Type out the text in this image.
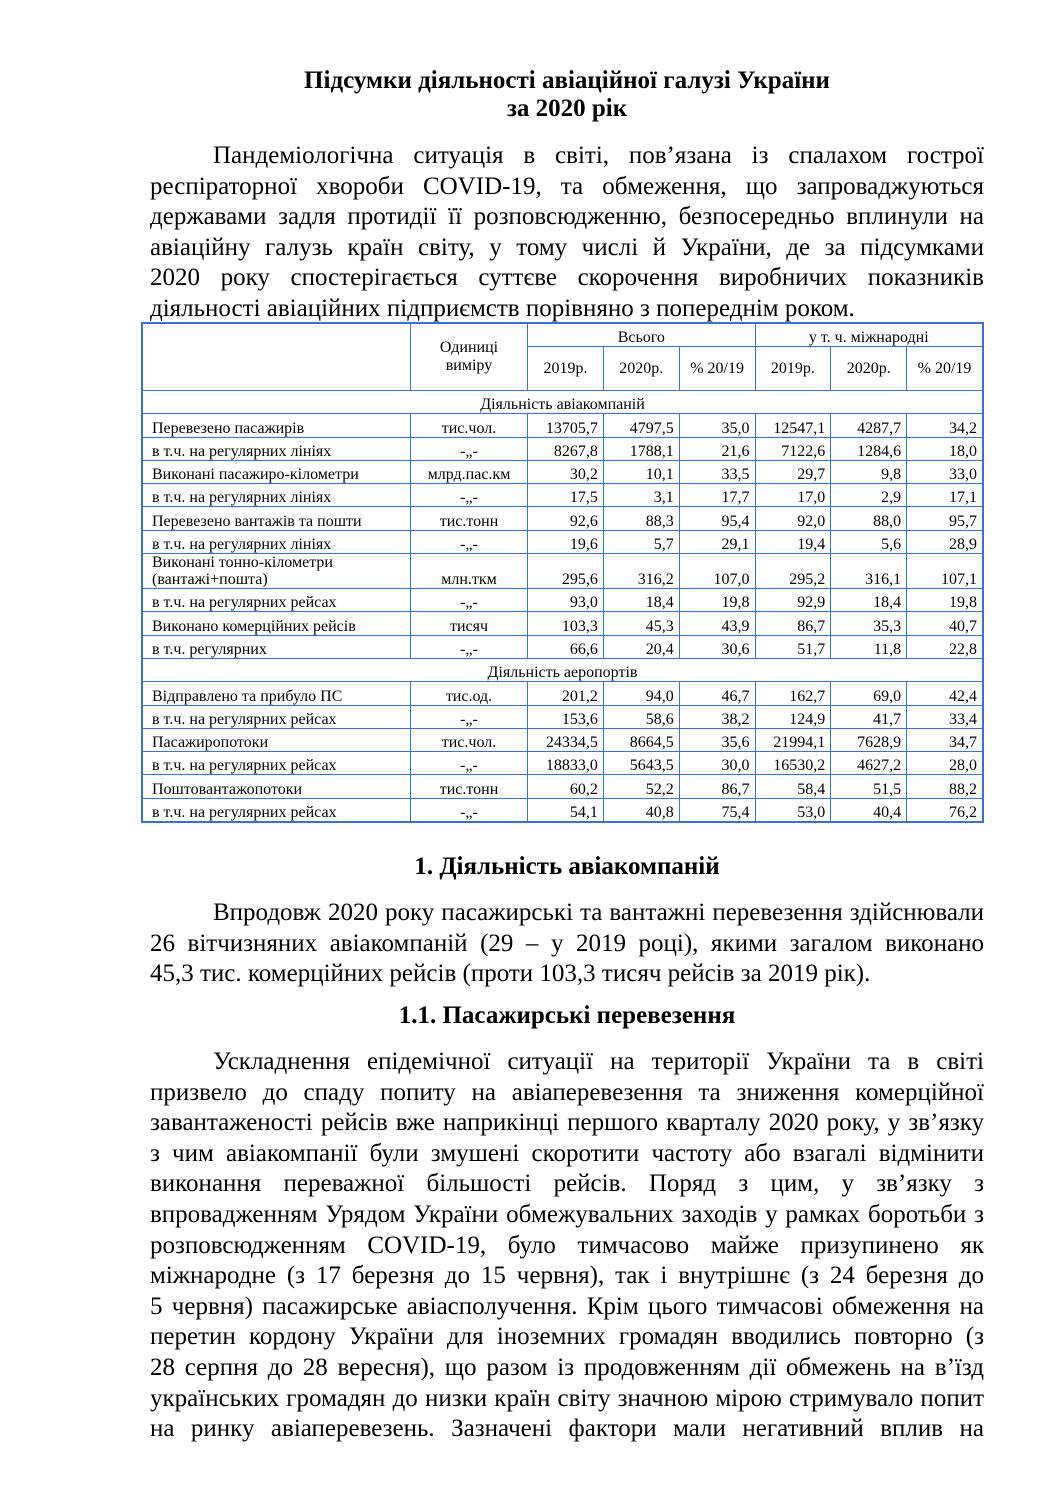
Підсумки діяльності авіаційної галузі України
за 2020 рік
Пандеміологічна ситуація в світі, пов’язана із спалахом гострої
респіраторної хвороби COVID-19, та обмеження, що запроваджуються
державами задля протидії її розповсюдженню, безпосередньо вплинули на
авіаційну галузь країн світу, у тому числі й України, де за підсумками
2020 року спостерігається суттєве скорочення виробничих показників
діяльності авіаційних підприємств порівняно з попереднім роком.
	Одиниці виміру	Всього			у т. ч. міжнародні		
		2019р.	2020р.	% 20/19	2019р.	2020р.	% 20/19
Діяльність авіакомпаній							
Перевезено пасажирів	тис.чол.	13705,7	4797,5	35,0	12547,1	4287,7	34,2
в т.ч. на регулярних лініях	-„-	8267,8	1788,1	21,6	7122,6	1284,6	18,0
Виконані пасажиро-кілометри	млрд.пас.км	30,2	10,1	33,5	29,7	9,8	33,0
в т.ч. на регулярних лініях	-„-	17,5	3,1	17,7	17,0	2,9	17,1
Перевезено вантажів та пошти	тис.тонн	92,6	88,3	95,4	92,0	88,0	95,7
в т.ч. на регулярних лініях	-„-	19,6	5,7	29,1	19,4	5,6	28,9
Виконані тонно-кілометри (вантажі+пошта)	млн.ткм	295,6	316,2	107,0	295,2	316,1	107,1
в т.ч. на регулярних рейсах	-„-	93,0	18,4	19,8	92,9	18,4	19,8
Виконано комерційних рейсів	тисяч	103,3	45,3	43,9	86,7	35,3	40,7
в т.ч. регулярних	-„-	66,6	20,4	30,6	51,7	11,8	22,8
Діяльність аеропортів							
Відправлено та прибуло ПС	тис.од.	201,2	94,0	46,7	162,7	69,0	42,4
в т.ч. на регулярних рейсах	-„-	153,6	58,6	38,2	124,9	41,7	33,4
Пасажиропотоки	тис.чол.	24334,5	8664,5	35,6	21994,1	7628,9	34,7
в т.ч. на регулярних рейсах	-„-	18833,0	5643,5	30,0	16530,2	4627,2	28,0
Поштовантажопотоки	тис.тонн	60,2	52,2	86,7	58,4	51,5	88,2
в т.ч. на регулярних рейсах	-„-	54,1	40,8	75,4	53,0	40,4	76,2
1. Діяльність авіакомпаній
Впродовж 2020 року пасажирські та вантажні перевезення здійснювали
26 вітчизняних авіакомпаній (29 – у 2019 році), якими загалом виконано
45,3 тис. комерційних рейсів (проти 103,3 тисяч рейсів за 2019 рік).
1.1. Пасажирські перевезення
Ускладнення епідемічної ситуації на території України та в світі
призвело до спаду попиту на авіаперевезення та зниження комерційної
завантаженості рейсів вже наприкінці першого кварталу 2020 року, у зв’язку
з чим авіакомпанії були змушені скоротити частоту або взагалі відмінити
виконання переважної більшості рейсів. Поряд з цим, у зв’язку з
впровадженням Урядом України обмежувальних заходів у рамках боротьби з
розповсюдженням COVID-19, було тимчасово майже призупинено як
міжнародне (з 17 березня до 15 червня), так і внутрішнє (з 24 березня до
5 червня) пасажирське авіасполучення. Крім цього тимчасові обмеження на
перетин кордону України для іноземних громадян вводились повторно (з
28 серпня до 28 вересня), що разом із продовженням дії обмежень на в’їзд
українських громадян до низки країн світу значною мірою стримувало попит
на ринку авіаперевезень. Зазначені фактори мали негативний вплив на
